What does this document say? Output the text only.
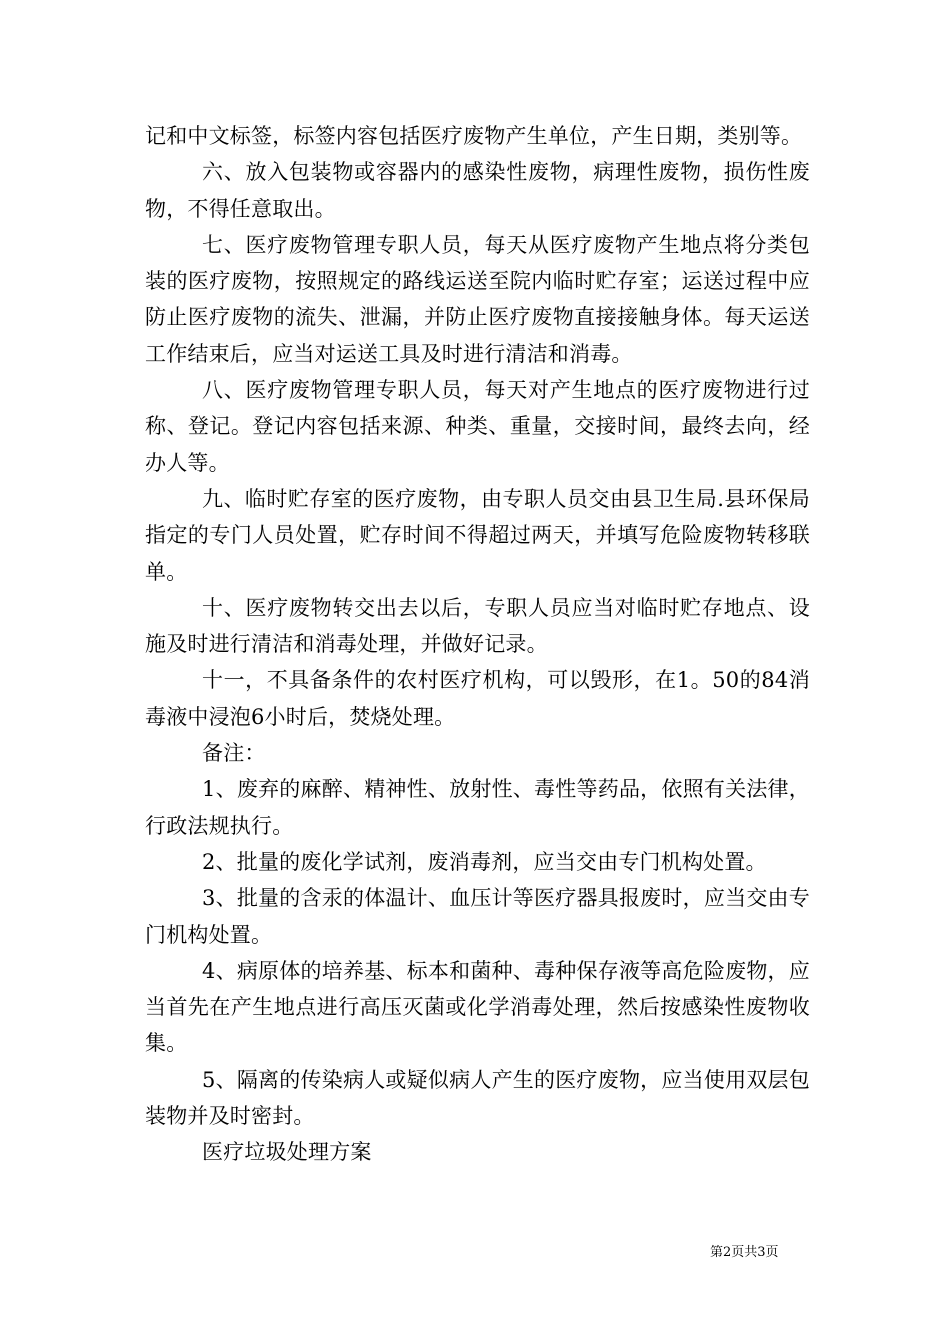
记和中文标签，标签内容包括医疗废物产生单位，产生日期，类别等。

六、放入包装物或容器内的感染性废物，病理性废物，损伤性废物，不得任意取出。

七、医疗废物管理专职人员，每天从医疗废物产生地点将分类包装的医疗废物，按照规定的路线运送至院内临时贮存室；运送过程中应防止医疗废物的流失、泄漏，并防止医疗废物直接接触身体。每天运送工作结束后，应当对运送工具及时进行清洁和消毒。

八、医疗废物管理专职人员，每天对产生地点的医疗废物进行过称、登记。登记内容包括来源、种类、重量，交接时间，最终去向，经办人等。

九、临时贮存室的医疗废物，由专职人员交由县卫生局.县环保局指定的专门人员处置，贮存时间不得超过两天，并填写危险废物转移联单。

十、医疗废物转交出去以后，专职人员应当对临时贮存地点、设施及时进行清洁和消毒处理，并做好记录。

十一，不具备条件的农村医疗机构，可以毁形，在1。50的84消毒液中浸泡6小时后，焚烧处理。

备注：

1、废弃的麻醉、精神性、放射性、毒性等药品，依照有关法律，行政法规执行。

2、批量的废化学试剂，废消毒剂，应当交由专门机构处置。

3、批量的含汞的体温计、血压计等医疗器具报废时，应当交由专门机构处置。

4、病原体的培养基、标本和菌种、毒种保存液等高危险废物，应当首先在产生地点进行高压灭菌或化学消毒处理，然后按感染性废物收集。

5、隔离的传染病人或疑似病人产生的医疗废物，应当使用双层包装物并及时密封。

医疗垃圾处理方案

第2页共3页
